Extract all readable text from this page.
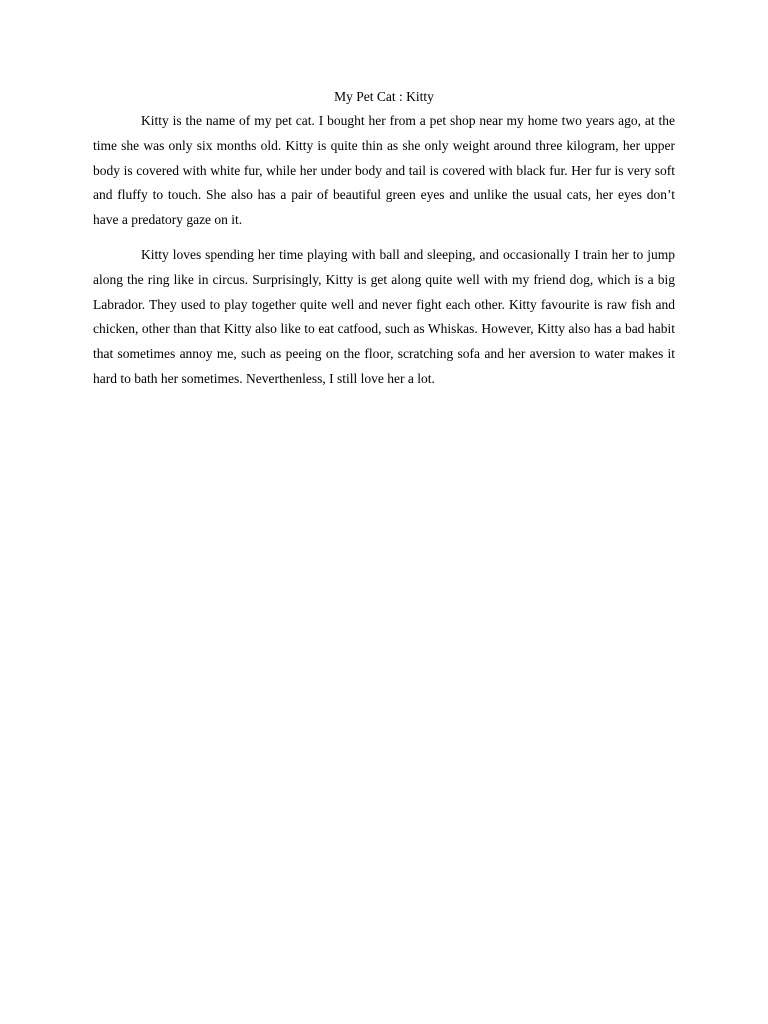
My Pet Cat : Kitty

Kitty is the name of my pet cat. I bought her from a pet shop near my home two years ago, at the time she was only six months old. Kitty is quite thin as she only weight around three kilogram, her upper body is covered with white fur, while her under body and tail is covered with black fur. Her fur is very soft and fluffy to touch. She also has a pair of beautiful green eyes and unlike the usual cats, her eyes don’t have a predatory gaze on it.

Kitty loves spending her time playing with ball and sleeping, and occasionally I train her to jump along the ring like in circus. Surprisingly, Kitty is get along quite well with my friend dog, which is a big Labrador. They used to play together quite well and never fight each other. Kitty favourite is raw fish and chicken, other than that Kitty also like to eat catfood, such as Whiskas. However, Kitty also has a bad habit that sometimes annoy me, such as peeing on the floor, scratching sofa and her aversion to water makes it hard to bath her sometimes. Neverthenless, I still love her a lot.
